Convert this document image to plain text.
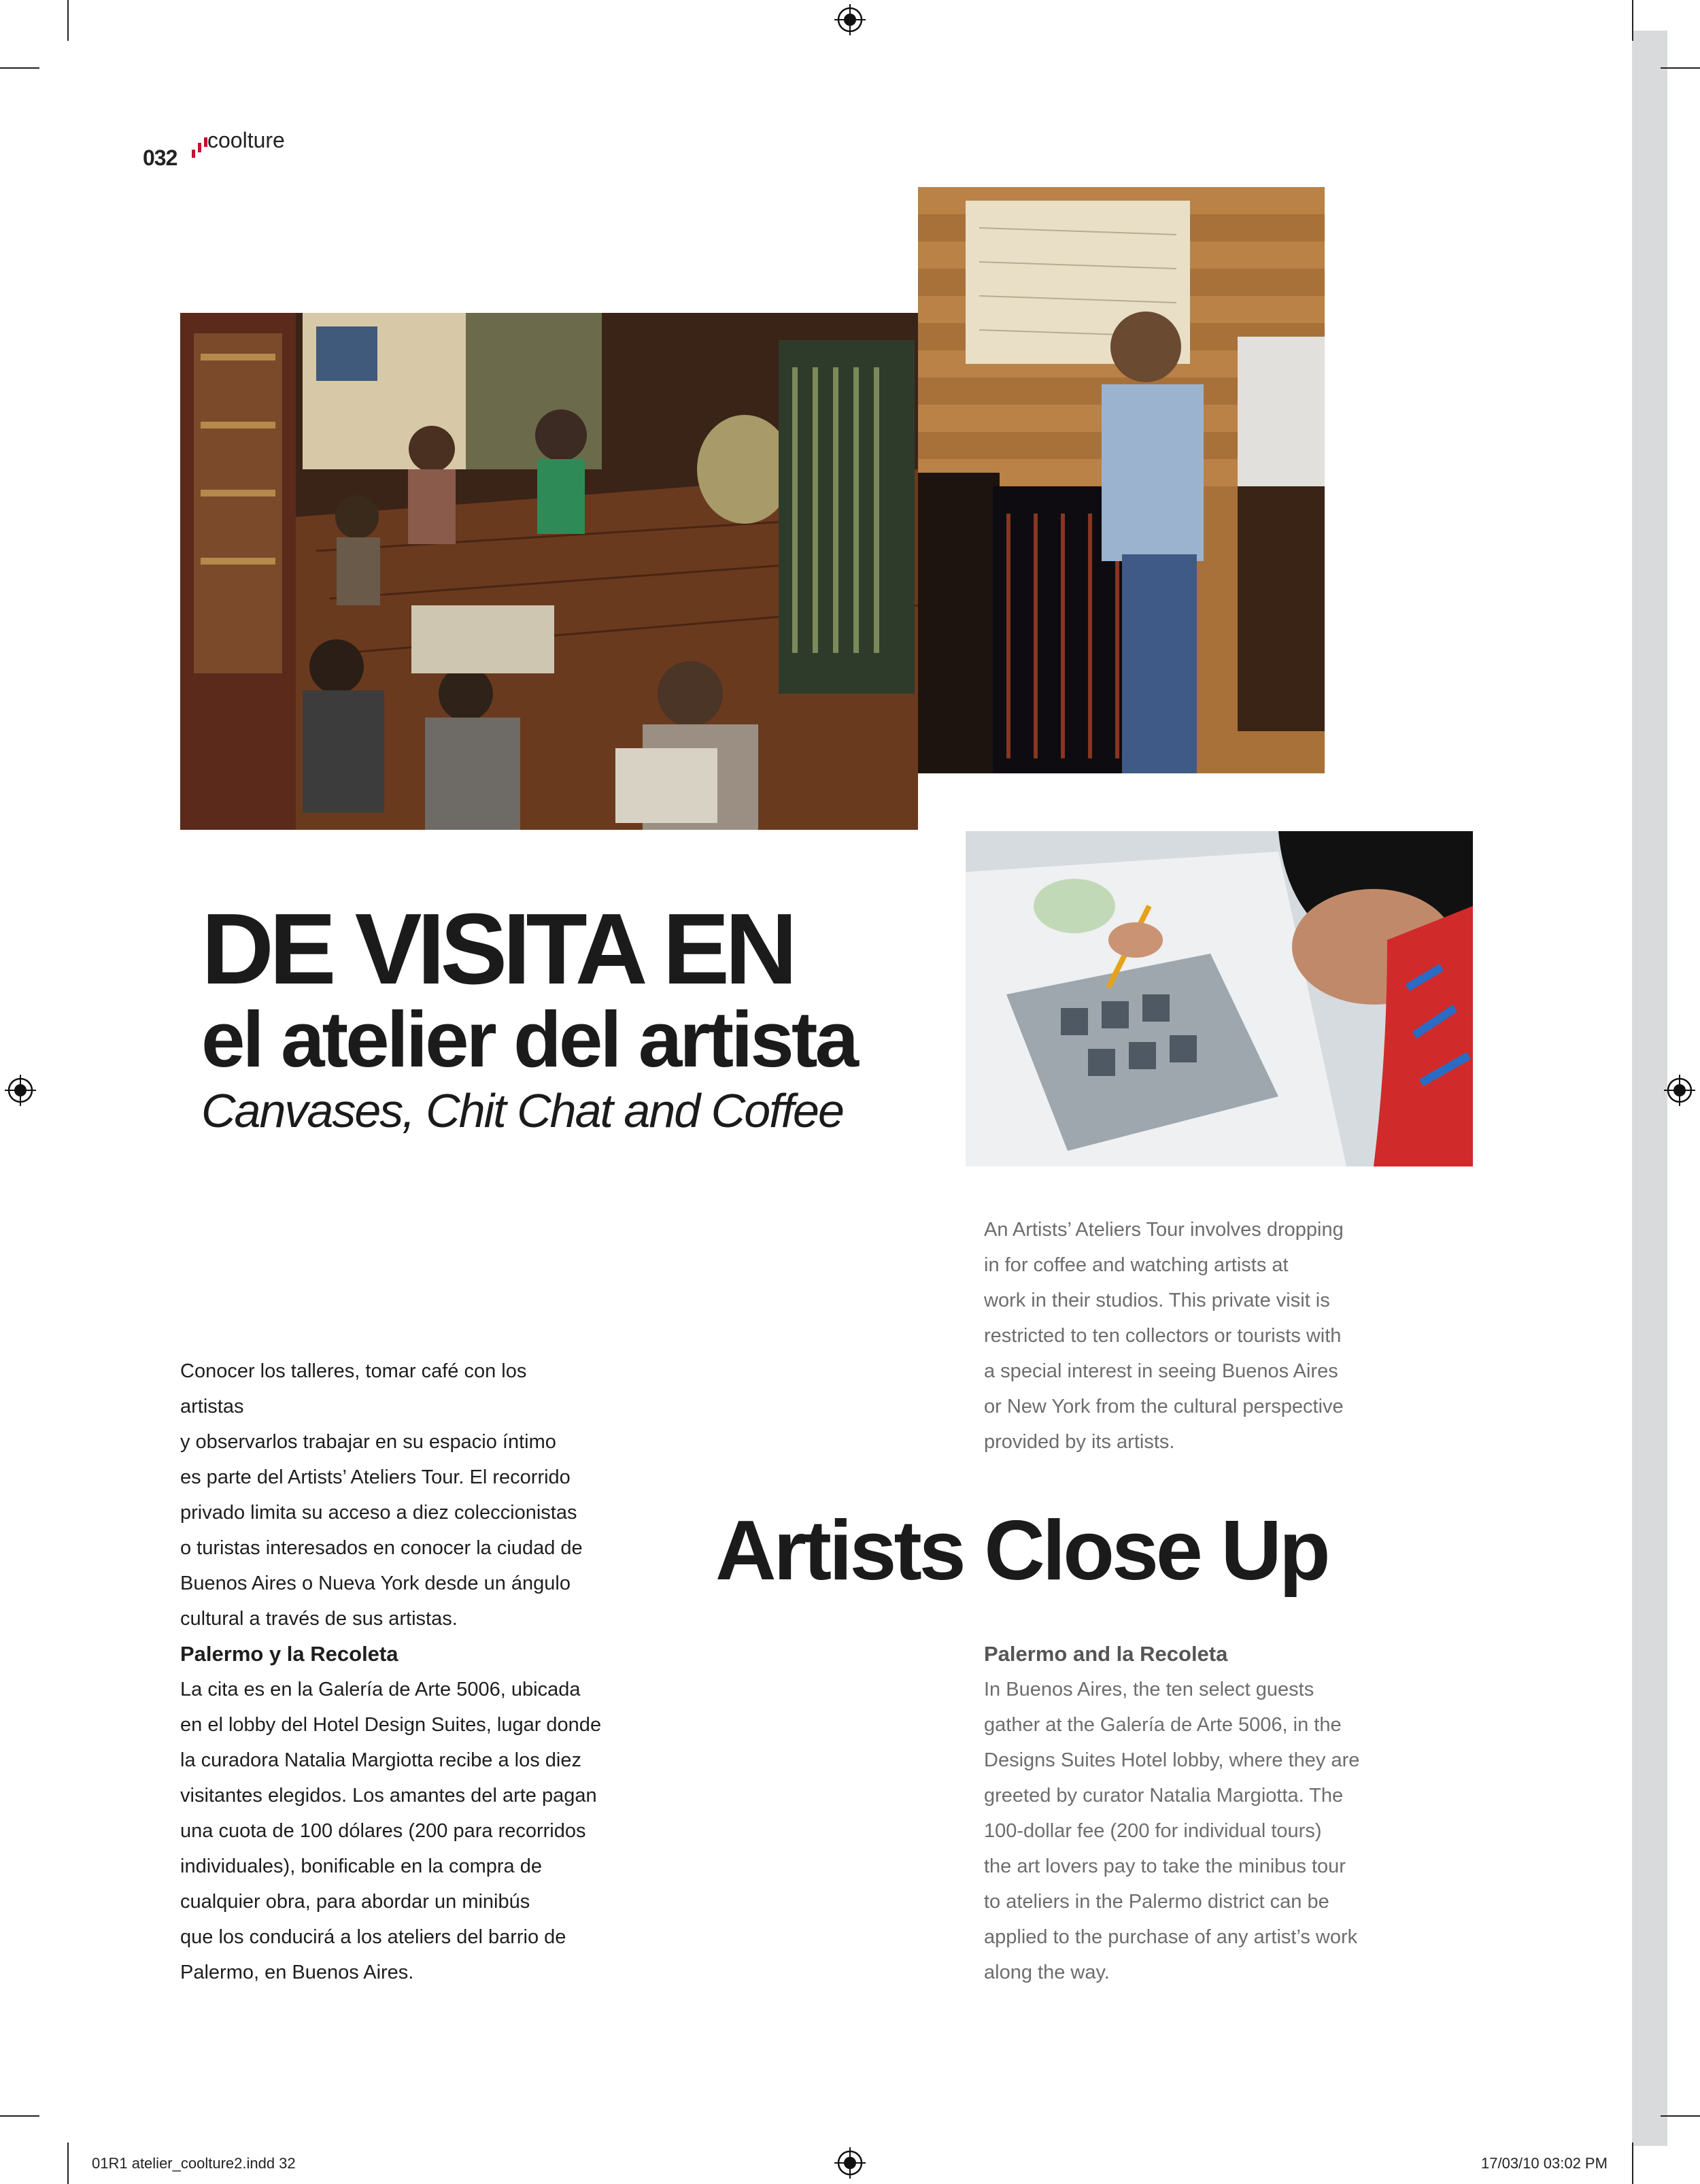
032
coolture
DE VISITA EN
el atelier del artista
Canvases, Chit Chat and Coffee

An Artists’ Ateliers Tour involves dropping

in for coffee and watching artists at

work in their studios. This private visit is

restricted to ten collectors or tourists with

a special interest in seeing Buenos Aires

or New York from the cultural perspective

provided by its artists.

Conocer los talleres, tomar café con los artistas

y observarlos trabajar en su espacio íntimo

es parte del Artists’ Ateliers Tour. El recorrido

privado limita su acceso a diez coleccionistas

o turistas interesados en conocer la ciudad de

Buenos Aires o Nueva York desde un ángulo

cultural a través de sus artistas.

Artists Close Up

Palermo y la Recoleta

La cita es en la Galería de Arte 5006, ubicada

en el lobby del Hotel Design Suites, lugar donde

la curadora Natalia Margiotta recibe a los diez

visitantes elegidos. Los amantes del arte pagan

una cuota de 100 dólares (200 para recorridos

individuales), bonificable en la compra de

cualquier obra, para abordar un minibús

que los conducirá a los ateliers del barrio de

Palermo, en Buenos Aires.

Palermo and la Recoleta

In Buenos Aires, the ten select guests

gather at the Galería de Arte 5006, in the

Designs Suites Hotel lobby, where they are

greeted by curator Natalia Margiotta. The

100-dollar fee (200 for individual tours)

the art lovers pay to take the minibus tour

to ateliers in the Palermo district can be

applied to the purchase of any artist’s work

along the way.

01R1 atelier_coolture2.indd 32	17/03/10 03:02 PM
